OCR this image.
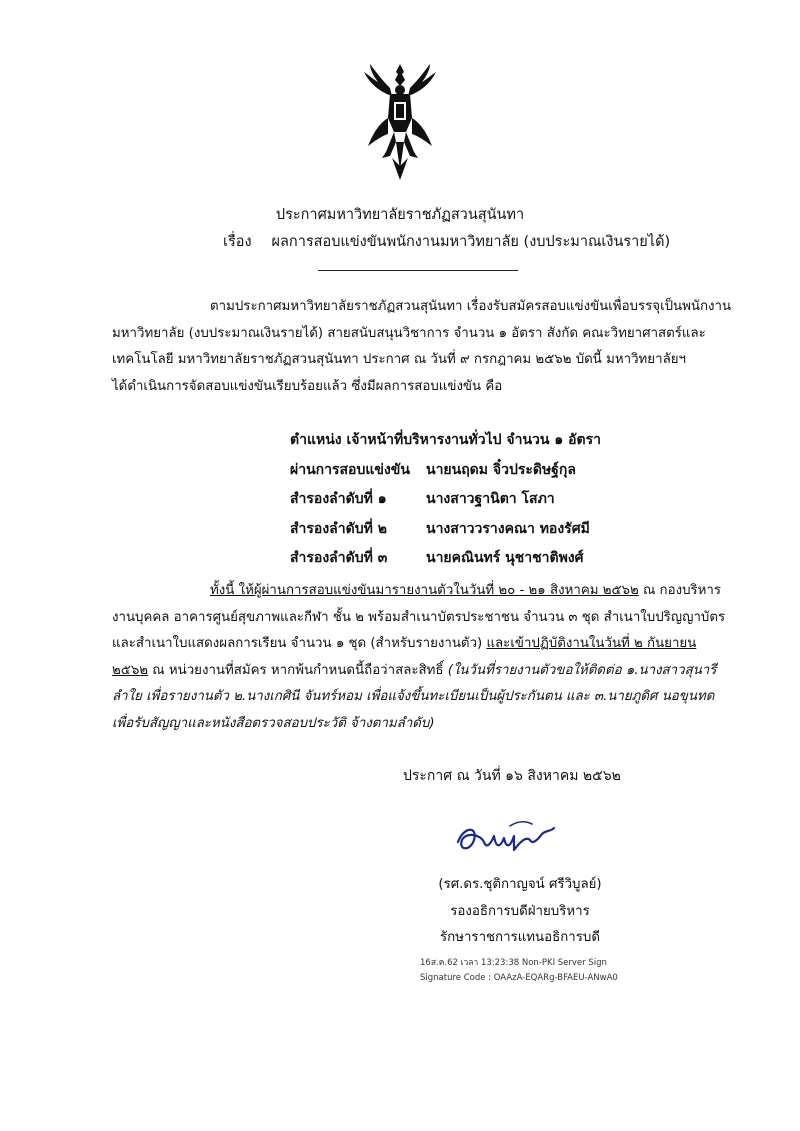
ประกาศมหาวิทยาลัยราชภัฏสวนสุนันทา
เรื่อง ผลการสอบแข่งขันพนักงานมหาวิทยาลัย (งบประมาณเงินรายได้)
ตามประกาศมหาวิทยาลัยราชภัฏสวนสุนันทา เรื่องรับสมัครสอบแข่งขันเพื่อบรรจุเป็นพนักงาน
มหาวิทยาลัย (งบประมาณเงินรายได้) สายสนับสนุนวิชาการ จำนวน ๑ อัตรา สังกัด คณะวิทยาศาสตร์และ
เทคโนโลยี มหาวิทยาลัยราชภัฏสวนสุนันทา ประกาศ ณ วันที่ ๙ กรกฎาคม ๒๕๖๒ บัดนี้ มหาวิทยาลัยฯ
ได้ดำเนินการจัดสอบแข่งขันเรียบร้อยแล้ว ซึ่งมีผลการสอบแข่งขัน คือ
ตำแหน่ง เจ้าหน้าที่บริหารงานทั่วไป จำนวน ๑ อัตรา
ผ่านการสอบแข่งขัน	นายนฤดม จิ๋วประดิษฐ์กุล
สำรองลำดับที่ ๑	นางสาวฐานิตา โสภา
สำรองลำดับที่ ๒	นางสาววรางคณา ทองรัศมี
สำรองลำดับที่ ๓	นายคณินทร์ นุชาชาติพงศ์
ทั้งนี้ ให้ผู้ผ่านการสอบแข่งขันมารายงานตัวในวันที่ ๒๐ - ๒๑ สิงหาคม ๒๕๖๒ ณ กองบริหาร
งานบุคคล อาคารศูนย์สุขภาพและกีฬา ชั้น ๒ พร้อมสำเนาบัตรประชาชน จำนวน ๓ ชุด สำเนาใบปริญญาบัตร
และสำเนาใบแสดงผลการเรียน จำนวน ๑ ชุด (สำหรับรายงานตัว) และเข้าปฏิบัติงานในวันที่ ๒ กันยายน
๒๕๖๒ ณ หน่วยงานที่สมัคร หากพ้นกำหนดนี้ถือว่าสละสิทธิ์ (ในวันที่รายงานตัวขอให้ติดต่อ ๑.นางสาวสุนารี
ลำใย เพื่อรายงานตัว ๒.นางเกศินี จันทร์หอม เพื่อแจ้งขึ้นทะเบียนเป็นผู้ประกันตน และ ๓.นายภูดิศ นอขุนทด
เพื่อรับสัญญาและหนังสือตรวจสอบประวัติ จ้างตามลำดับ)
ประกาศ ณ วันที่ ๑๖ สิงหาคม ๒๕๖๒
(รศ.ดร.ชุติกาญจน์ ศรีวิบูลย์)
รองอธิการบดีฝ่ายบริหาร
รักษาราชการแทนอธิการบดี
16ส.ค.62 เวลา 13:23:38 Non-PKI Server Sign
Signature Code : OAAzA-EQARg-BFAEU-ANwA0
